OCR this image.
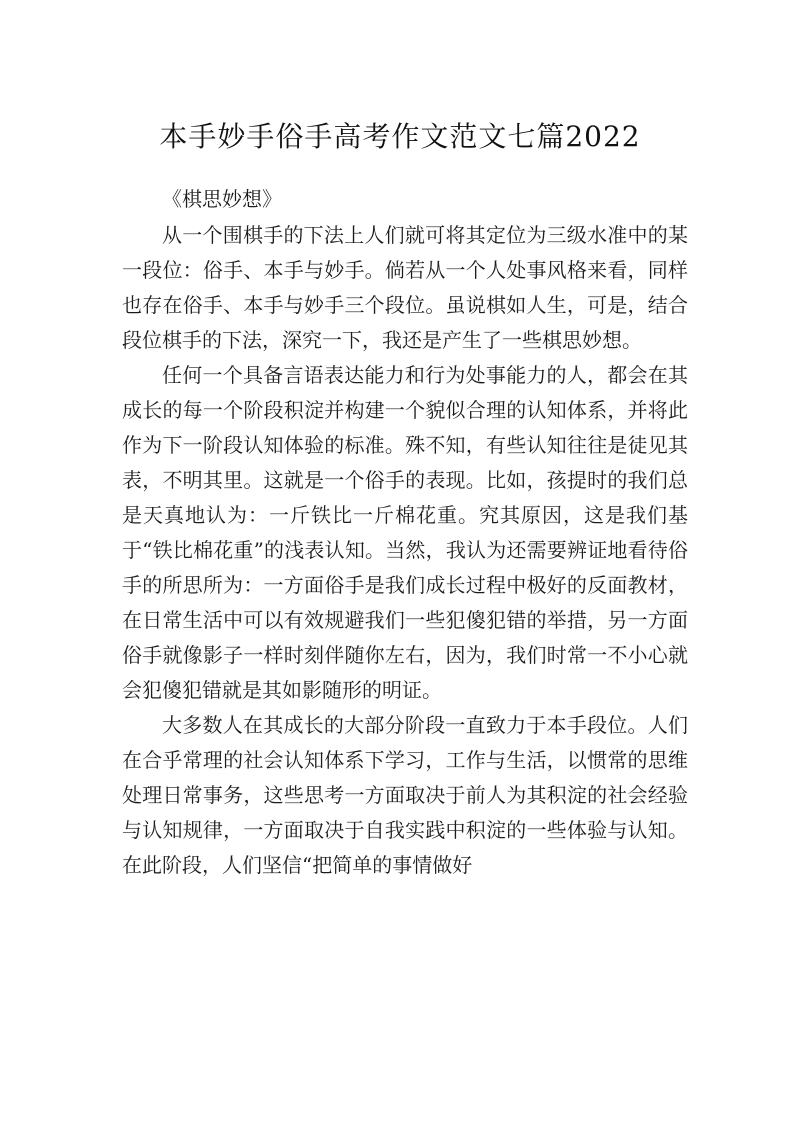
本手妙手俗手高考作文范文七篇2022

《棋思妙想》

从一个围棋手的下法上人们就可将其定位为三级水准中的某一段位：俗手、本手与妙手。倘若从一个人处事风格来看，同样也存在俗手、本手与妙手三个段位。虽说棋如人生，可是，结合段位棋手的下法，深究一下，我还是产生了一些棋思妙想。

任何一个具备言语表达能力和行为处事能力的人，都会在其成长的每一个阶段积淀并构建一个貌似合理的认知体系，并将此作为下一阶段认知体验的标准。殊不知，有些认知往往是徒见其表，不明其里。这就是一个俗手的表现。比如，孩提时的我们总是天真地认为：一斤铁比一斤棉花重。究其原因，这是我们基于“铁比棉花重”的浅表认知。当然，我认为还需要辨证地看待俗手的所思所为：一方面俗手是我们成长过程中极好的反面教材，在日常生活中可以有效规避我们一些犯傻犯错的举措，另一方面俗手就像影子一样时刻伴随你左右，因为，我们时常一不小心就会犯傻犯错就是其如影随形的明证。

大多数人在其成长的大部分阶段一直致力于本手段位。人们在合乎常理的社会认知体系下学习，工作与生活，以惯常的思维处理日常事务，这些思考一方面取决于前人为其积淀的社会经验与认知规律，一方面取决于自我实践中积淀的一些体验与认知。在此阶段，人们坚信“把简单的事情做好
